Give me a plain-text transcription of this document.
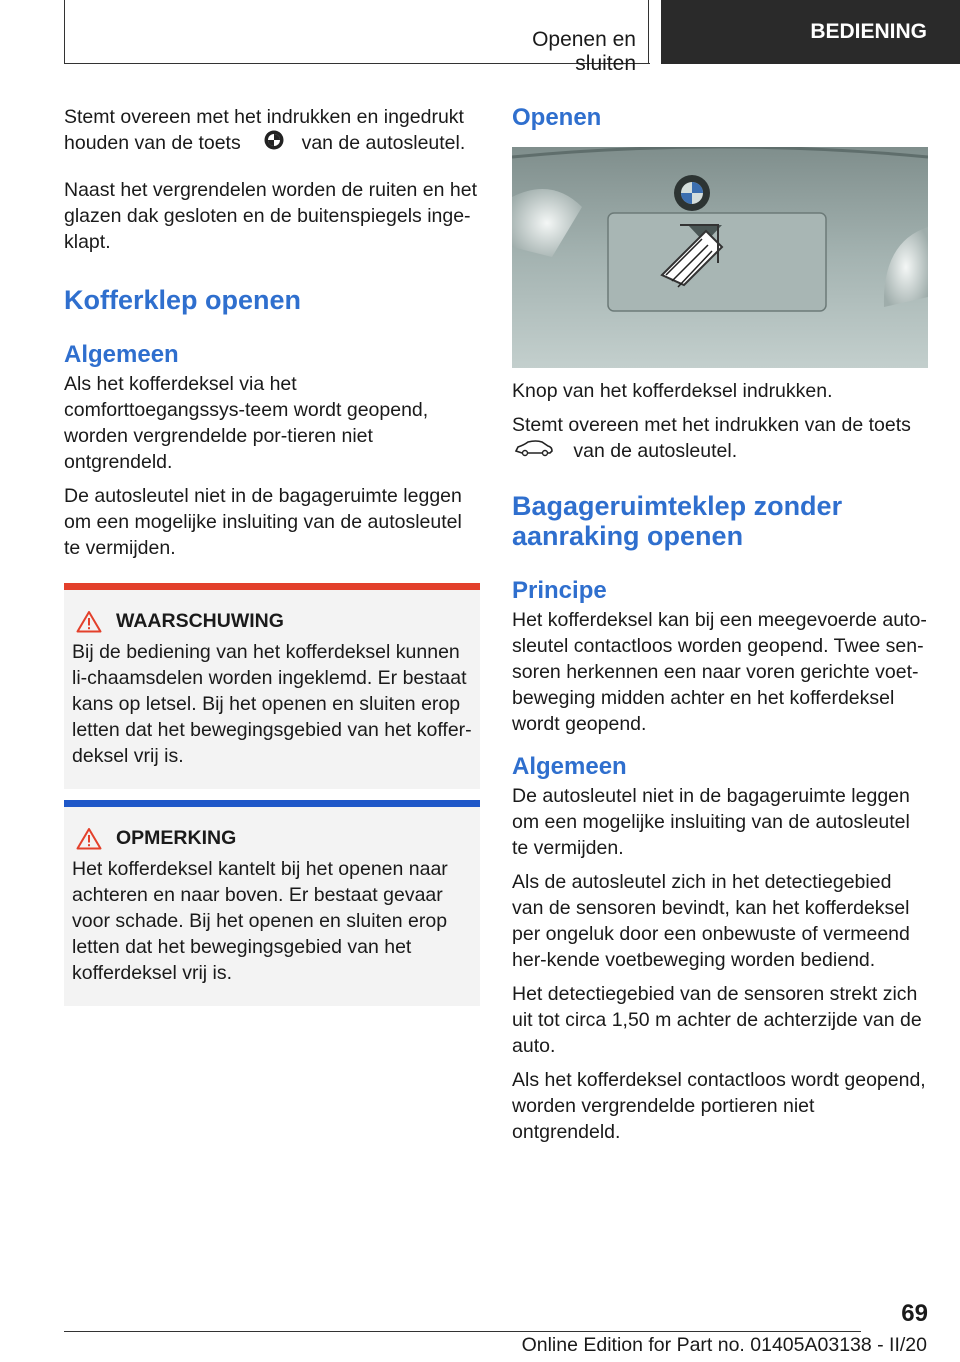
Openen en sluiten
BEDIENING

Stemt overeen met het indrukken en ingedrukt
houden van de toets	van de autosleutel.

Naast het vergrendelen worden de ruiten en het glazen dak gesloten en de buitenspiegels inge-klapt.

Kofferklep openen
Algemeen

Als het kofferdeksel via het comforttoegangssys-teem wordt geopend, worden vergrendelde por-tieren niet ontgrendeld.

De autosleutel niet in de bagageruimte leggen om een mogelijke insluiting van de autosleutel te vermijden.

WAARSCHUWING

Bij de bediening van het kofferdeksel kunnen li-chaamsdelen worden ingeklemd. Er bestaat kans op letsel. Bij het openen en sluiten erop letten dat het bewegingsgebied van het koffer-deksel vrij is.

OPMERKING

Het kofferdeksel kantelt bij het openen naar achteren en naar boven. Er bestaat gevaar voor schade. Bij het openen en sluiten erop letten dat het bewegingsgebied van het kofferdeksel vrij is.

Openen

Knop van het kofferdeksel indrukken.

Stemt overeen met het indrukken van de toets
van de autosleutel.

Bagageruimteklep zonder aanraking openen
Principe

Het kofferdeksel kan bij een meegevoerde auto-sleutel contactloos worden geopend. Twee sen-soren herkennen een naar voren gerichte voet-beweging midden achter en het kofferdeksel wordt geopend.

Algemeen

De autosleutel niet in de bagageruimte leggen om een mogelijke insluiting van de autosleutel te vermijden.

Als de autosleutel zich in het detectiegebied van de sensoren bevindt, kan het kofferdeksel per ongeluk door een onbewuste of vermeend her-kende voetbeweging worden bediend.

Het detectiegebied van de sensoren strekt zich uit tot circa 1,50 m achter de achterzijde van de auto.

Als het kofferdeksel contactloos wordt geopend, worden vergrendelde portieren niet ontgrendeld.

69
Online Edition for Part no. 01405A03138 - II/20
